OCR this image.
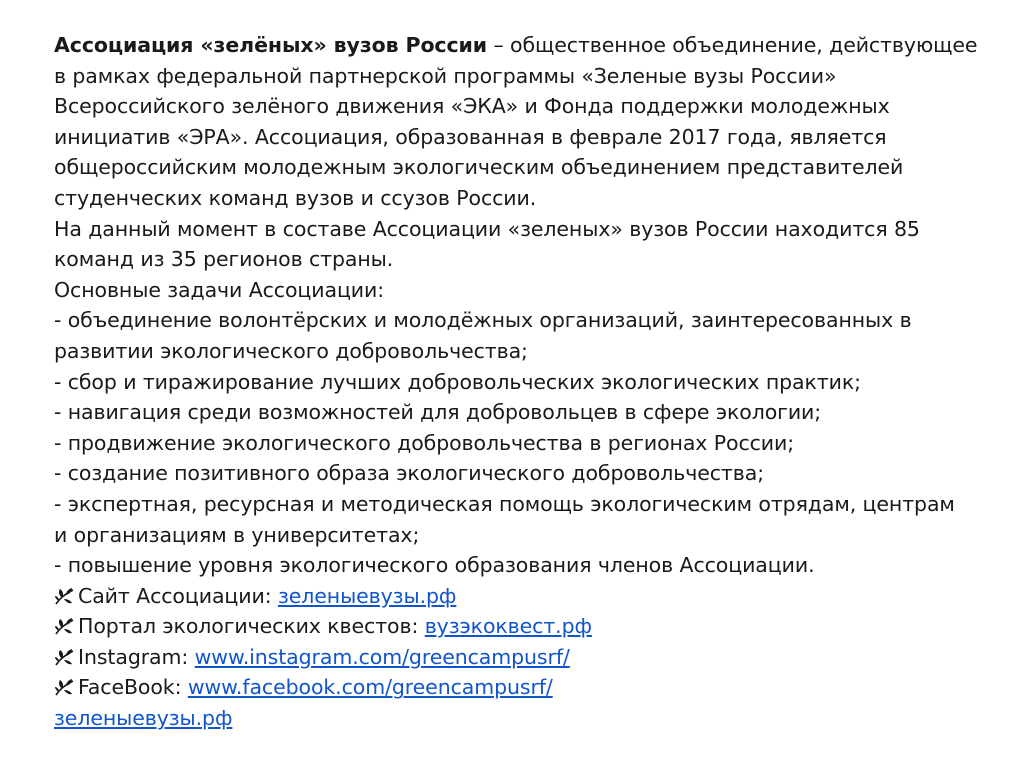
Ассоциация «зелёных» вузов России – общественное объединение, действующее
в рамках федеральной партнерской программы «Зеленые вузы России»
Всероссийского зелёного движения «ЭКА» и Фонда поддержки молодежных
инициатив «ЭРА». Ассоциация, образованная в феврале 2017 года, является
общероссийским молодежным экологическим объединением представителей
студенческих команд вузов и ссузов России.
На данный момент в составе Ассоциации «зеленых» вузов России находится 85
команд из 35 регионов страны.
Основные задачи Ассоциации:
- объединение волонтёрских и молодёжных организаций, заинтересованных в
развитии экологического добровольчества;
- сбор и тиражирование лучших добровольческих экологических практик;
- навигация среди возможностей для добровольцев в сфере экологии;
- продвижение экологического добровольчества в регионах России;
- создание позитивного образа экологического добровольчества;
- экспертная, ресурсная и методическая помощь экологическим отрядам, центрам
и организациям в университетах;
- повышение уровня экологического образования членов Ассоциации.
Сайт Ассоциации: зеленыевузы.рф
Портал экологических квестов: вузэкоквест.рф
Instagram: www.instagram.com/greencampusrf/
FaceBook: www.facebook.com/greencampusrf/
зеленыевузы.рф
